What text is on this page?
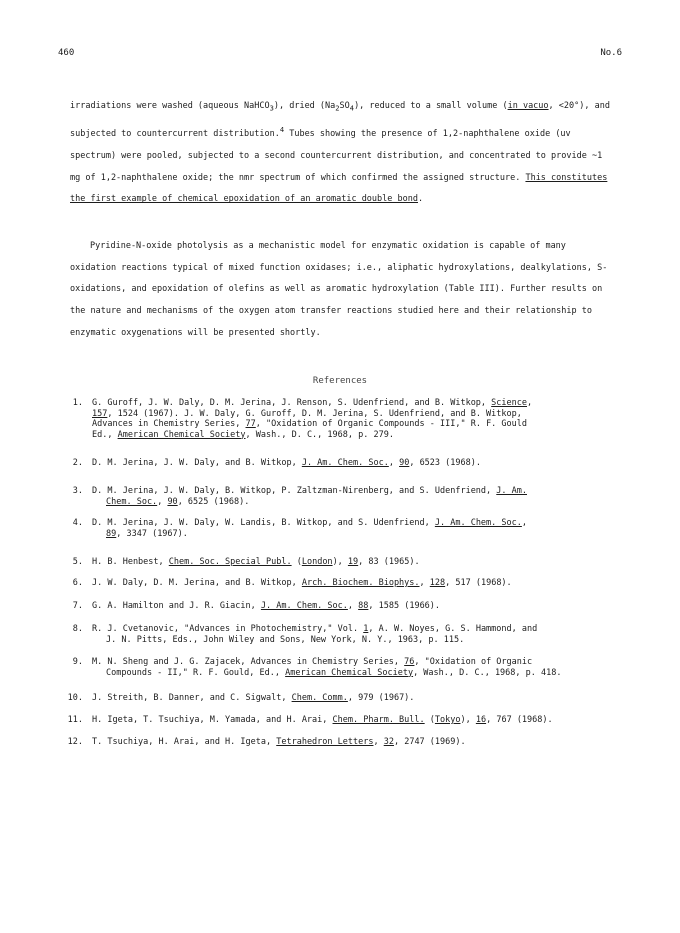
460	No.6

irradiations were washed (aqueous NaHCO$_3$), dried $(Na_2SO_4)$, reduced to a small volume (in vacuo, <20°), and subjected to countercurrent distribution.$^4$ Tubes showing the presence of 1,2-naphthalene oxide (uv spectrum) were pooled, subjected to a second countercurrent distribution, and concentrated to provide ~1 mg of 1,2-naphthalene oxide; the nmr spectrum of which confirmed the assigned structure. This constitutes the first example of chemical epoxidation of an aromatic double bond.

Pyridine-N-oxide photolysis as a mechanistic model for enzymatic oxidation is capable of many oxidation reactions typical of mixed function oxidases; i.e., aliphatic hydroxylations, dealkylations, S-oxidations, and epoxidation of olefins as well as aromatic hydroxylation (Table III). Further results on the nature and mechanisms of the oxygen atom transfer reactions studied here and their relationship to enzymatic oxygenations will be presented shortly.

References
1. G. Guroff, J. W. Daly, D. M. Jerina, J. Renson, S. Udenfriend, and B. Witkop, Science,
157, 1524 (1967). J. W. Daly, G. Guroff, D. M. Jerina, S. Udenfriend, and B. Witkop,
Advances in Chemistry Series, 77, "Oxidation of Organic Compounds - III," R. F. Gould
Ed., American Chemical Society, Wash., D. C., 1968, p. 279.
2. D. M. Jerina, J. W. Daly, and B. Witkop, J. Am. Chem. Soc., 90, 6523 (1968).
3. D. M. Jerina, J. W. Daly, B. Witkop, P. Zaltzman-Nirenberg, and S. Udenfriend, J. Am.
Chem. Soc., 90, 6525 (1968).
4. D. M. Jerina, J. W. Daly, W. Landis, B. Witkop, and S. Udenfriend, J. Am. Chem. Soc.,
89, 3347 (1967).
5. H. B. Henbest, Chem. Soc. Special Publ. (London), 19, 83 (1965).
6. J. W. Daly, D. M. Jerina, and B. Witkop, Arch. Biochem. Biophys., 128, 517 (1968).
7. G. A. Hamilton and J. R. Giacin, J. Am. Chem. Soc., 88, 1585 (1966).
8. R. J. Cvetanovic, "Advances in Photochemistry," Vol. 1, A. W. Noyes, G. S. Hammond, and
J. N. Pitts, Eds., John Wiley and Sons, New York, N. Y., 1963, p. 115.
9. M. N. Sheng and J. G. Zajacek, Advances in Chemistry Series, 76, "Oxidation of Organic
Compounds - II," R. F. Gould, Ed., American Chemical Society, Wash., D. C., 1968, p. 418.
10. J. Streith, B. Danner, and C. Sigwalt, Chem. Comm., 979 (1967).
11. H. Igeta, T. Tsuchiya, M. Yamada, and H. Arai, Chem. Pharm. Bull. (Tokyo), 16, 767 (1968).
12. T. Tsuchiya, H. Arai, and H. Igeta, Tetrahedron Letters, 32, 2747 (1969).
